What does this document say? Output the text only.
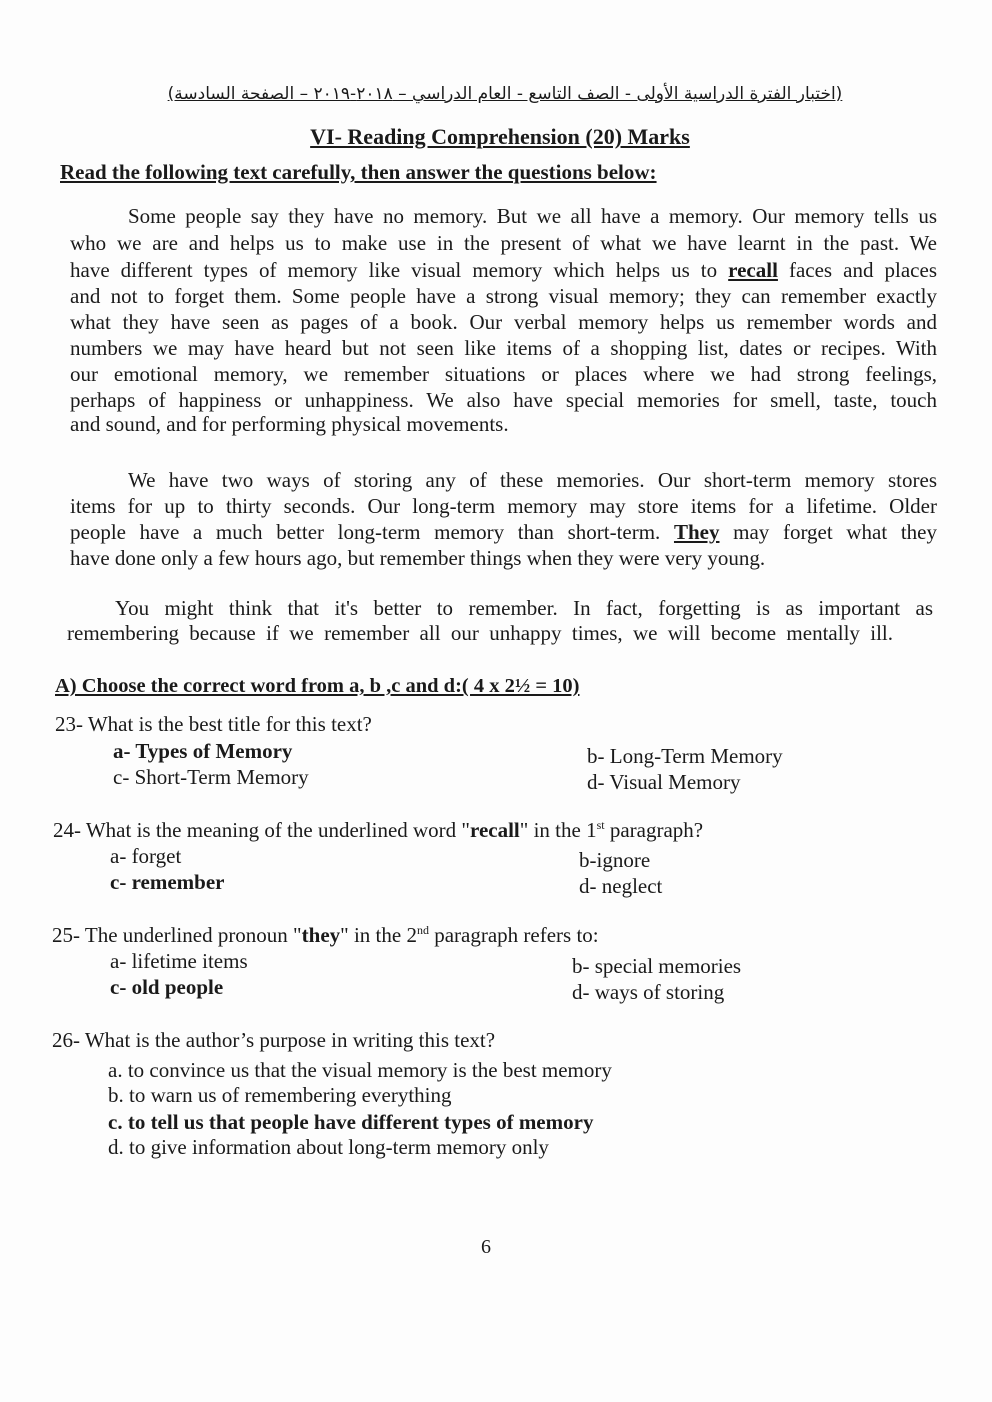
(اختبار الفترة الدراسية الأولى - الصف التاسع - العام الدراسي – ٢٠١٨-٢٠١٩ – الصفحة السادسة)
VI- Reading Comprehension (20) Marks
Read the following text carefully, then answer the questions below:
Some people say they have no memory. But we all have a memory. Our memory tells us
who we are and helps us to make use in the present of what we have learnt in the past. We
have different types of memory like visual memory which helps us to recall faces and places
and not to forget them. Some people have a strong visual memory; they can remember exactly
what they have seen as pages of a book. Our verbal memory helps us remember words and
numbers we may have heard but not seen like items of a shopping list, dates or recipes. With
our emotional memory, we remember situations or places where we had strong feelings,
perhaps of happiness or unhappiness. We also have special memories for smell, taste, touch
and sound, and for performing physical movements.
We have two ways of storing any of these memories. Our short-term memory stores
items for up to thirty seconds. Our long-term memory may store items for a lifetime. Older
people have a much better long-term memory than short-term. They may forget what they
have done only a few hours ago, but remember things when they were very young.
You might think that it's better to remember. In fact, forgetting is as important as
remembering because if we remember all our unhappy times, we will become mentally ill.
A) Choose the correct word from a, b ,c and d:( 4 x 2½ = 10)
23- What is the best title for this text?
a- Types of Memory	b- Long-Term Memory
c- Short-Term Memory	d- Visual Memory
24- What is the meaning of the underlined word "recall" in the 1st paragraph?
a- forget	b-ignore
c- remember	d- neglect
25- The underlined pronoun "they" in the 2nd paragraph refers to:
a- lifetime items	b- special memories
c- old people	d- ways of storing
26- What is the author’s purpose in writing this text?
a. to convince us that the visual memory is the best memory
b. to warn us of remembering everything
c. to tell us that people have different types of memory
d. to give information about long-term memory only
6
